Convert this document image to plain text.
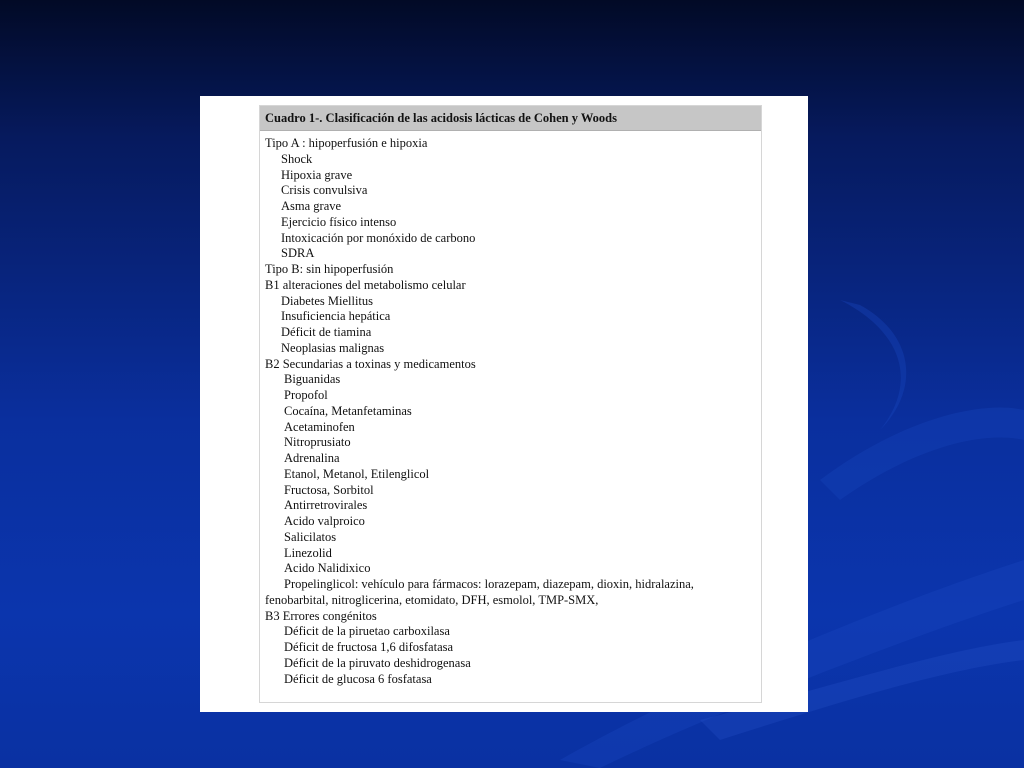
Cuadro 1-. Clasificación de las acidosis lácticas de Cohen y Woods
Tipo A : hipoperfusión e hipoxia
Shock
Hipoxia grave
Crisis convulsiva
Asma grave
Ejercicio físico intenso
Intoxicación por monóxido de carbono
SDRA
Tipo B: sin hipoperfusión
B1 alteraciones del metabolismo celular
Diabetes Miellitus
Insuficiencia hepática
Déficit de tiamina
Neoplasias malignas
B2 Secundarias a toxinas y medicamentos
Biguanidas
Propofol
Cocaína, Metanfetaminas
Acetaminofen
Nitroprusiato
Adrenalina
Etanol, Metanol, Etilenglicol
Fructosa, Sorbitol
Antirretrovirales
Acido valproico
Salicilatos
Linezolid
Acido Nalidixico
Propelinglicol: vehículo para fármacos: lorazepam, diazepam, dioxin, hidralazina,
fenobarbital, nitroglicerina, etomidato, DFH, esmolol, TMP-SMX,
B3 Errores congénitos
Déficit de la piruetao carboxilasa
Déficit de fructosa 1,6 difosfatasa
Déficit de la piruvato deshidrogenasa
Déficit de glucosa 6 fosfatasa
